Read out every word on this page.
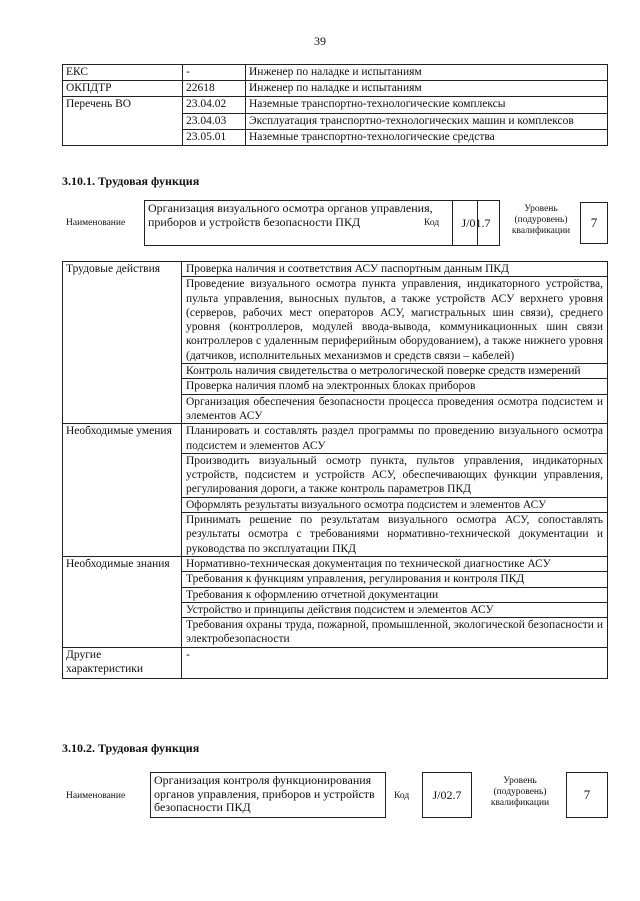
39
ЕКС	-	Инженер по наладке и испытаниям
ОКПДТР	22618	Инженер по наладке и испытаниям
Перечень ВО	23.04.02	Наземные транспортно-технологические комплексы
	23.04.03	Эксплуатация транспортно-технологических машин и комплексов
	23.05.01	Наземные транспортно-технологические средства
3.10.1. Трудовая функция
Наименование
Организация визуального осмотра органов управления, приборов и устройств безопасности ПКД	Код	J/01.7
Уровень (подуровень) квалификации
7
Трудовые действия	Проверка наличия и соответствия АСУ паспортным данным ПКД
	Проведение визуального осмотра пункта управления, индикаторного устройства, пульта управления, выносных пультов, а также устройств АСУ верхнего уровня (серверов, рабочих мест операторов АСУ, магистральных шин связи), среднего уровня (контроллеров, модулей ввода-вывода, коммуникационных шин связи контроллеров с удаленным периферийным оборудованием), а также нижнего уровня (датчиков, исполнительных механизмов и средств связи – кабелей)
	Контроль наличия свидетельства о метрологической поверке средств измерений
	Проверка наличия пломб на электронных блоках приборов
	Организация обеспечения безопасности процесса проведения осмотра подсистем и элементов АСУ
Необходимые умения	Планировать и составлять раздел программы по проведению визуального осмотра подсистем и элементов АСУ
	Производить визуальный осмотр пункта, пультов управления, индикаторных устройств, подсистем и устройств АСУ, обеспечивающих функции управления, регулирования дороги, а также контроль параметров ПКД
	Оформлять результаты визуального осмотра подсистем и элементов АСУ
	Принимать решение по результатам визуального осмотра АСУ, сопоставлять результаты осмотра с требованиями нормативно-технической документации и руководства по эксплуатации ПКД
Необходимые знания	Нормативно-техническая документация по технической диагностике АСУ
	Требования к функциям управления, регулирования и контроля ПКД
	Требования к оформлению отчетной документации
	Устройство и принципы действия подсистем и элементов АСУ
	Требования охраны труда, пожарной, промышленной, экологической безопасности и электробезопасности
Другие характеристики	-
3.10.2. Трудовая функция
Наименование
Организация контроля функционирования органов управления, приборов и устройств безопасности ПКД
Код	J/02.7
Уровень (подуровень) квалификации
7
